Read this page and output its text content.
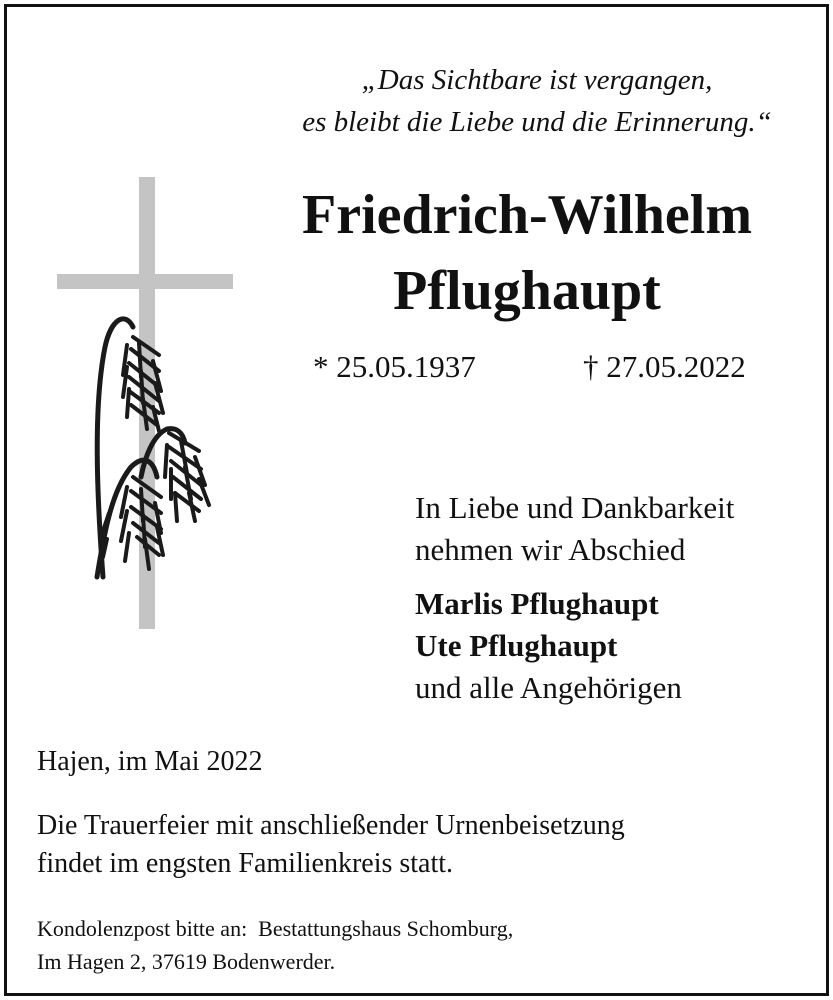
„Das Sichtbare ist vergangen,
es bleibt die Liebe und die Erinnerung.“
Friedrich-Wilhelm
Pflughaupt
* 25.05.1937	† 27.05.2022
In Liebe und Dankbarkeit
nehmen wir Abschied
Marlis Pflughaupt
Ute Pflughaupt
und alle Angehörigen
Hajen, im Mai 2022
Die Trauerfeier mit anschließender Urnenbeisetzung
findet im engsten Familienkreis statt.
Kondolenzpost bitte an:  Bestattungshaus Schomburg,
Im Hagen 2, 37619 Bodenwerder.
